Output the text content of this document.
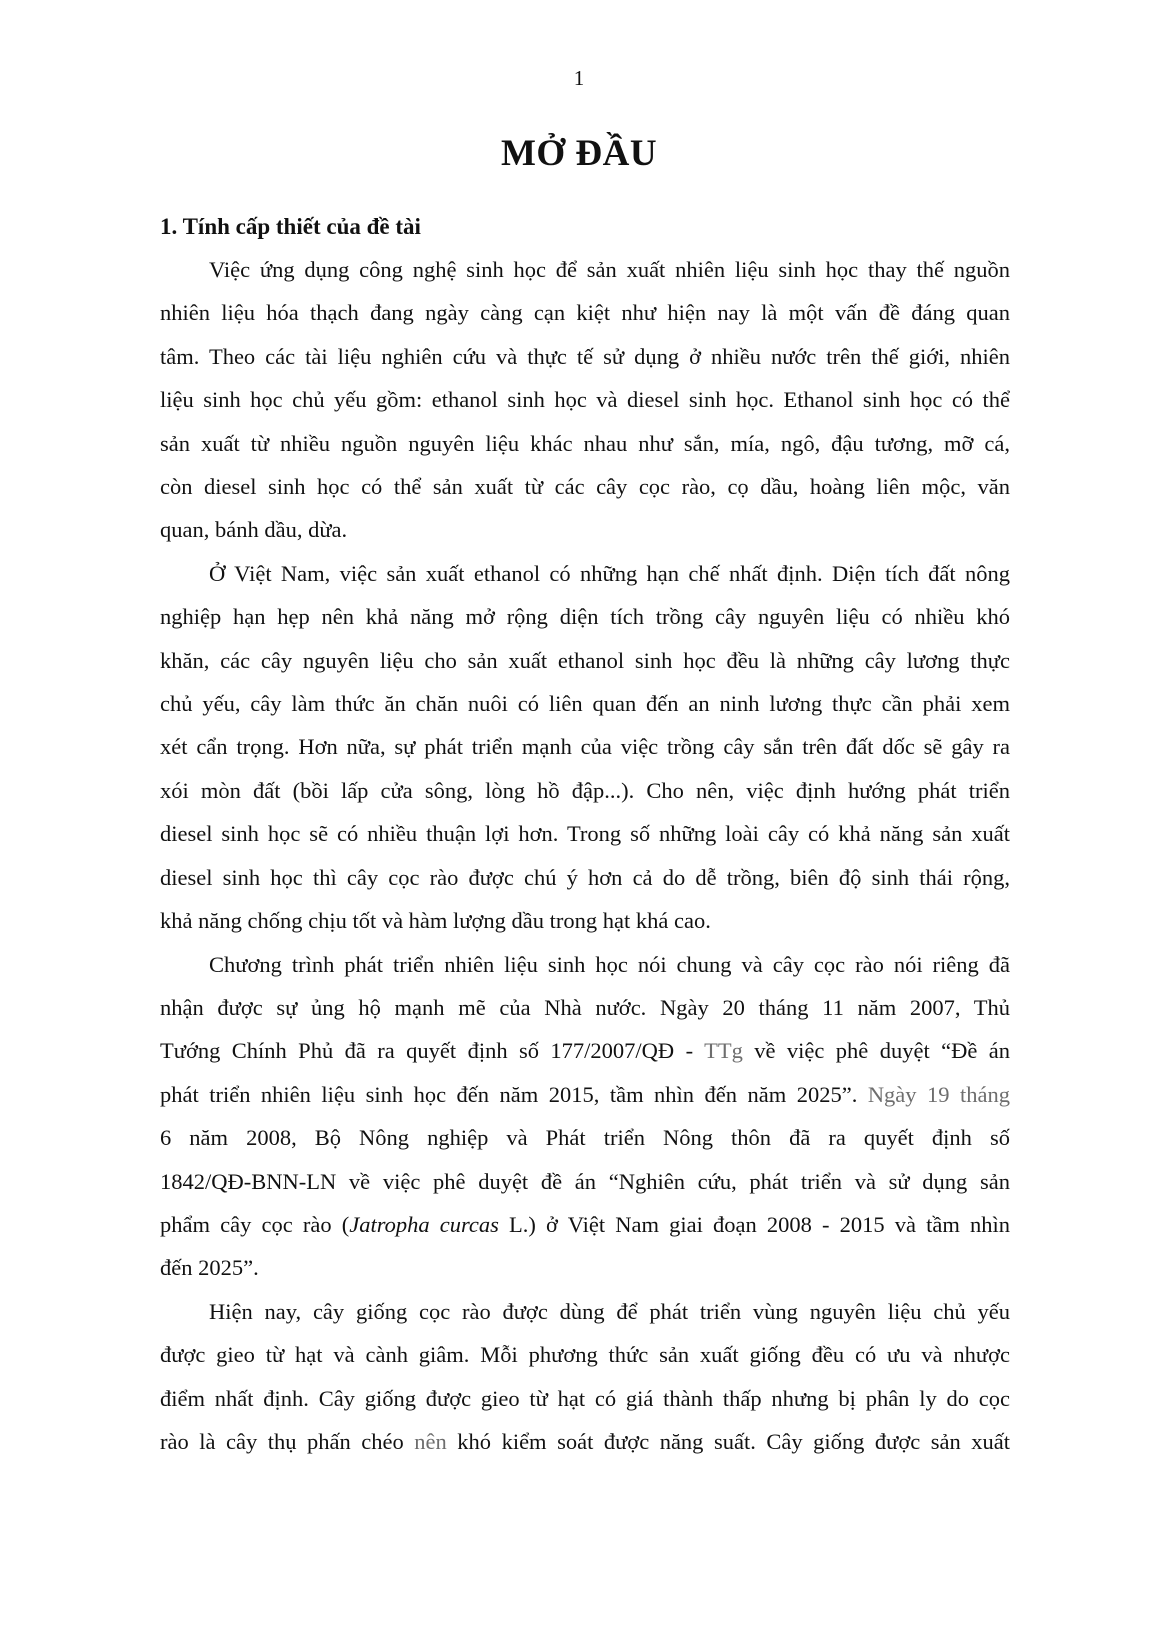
1
MỞ ĐẦU
1. Tính cấp thiết của đề tài
Việc ứng dụng công nghệ sinh học để sản xuất nhiên liệu sinh học thay thế nguồn
nhiên liệu hóa thạch đang ngày càng cạn kiệt như hiện nay là một vấn đề đáng quan
tâm. Theo các tài liệu nghiên cứu và thực tế sử dụng ở nhiều nước trên thế giới, nhiên
liệu sinh học chủ yếu gồm: ethanol sinh học và diesel sinh học. Ethanol sinh học có thể
sản xuất từ nhiều nguồn nguyên liệu khác nhau như sắn, mía, ngô, đậu tương, mỡ cá,
còn diesel sinh học có thể sản xuất từ các cây cọc rào, cọ dầu, hoàng liên mộc, văn
quan, bánh dầu, dừa.
Ở Việt Nam, việc sản xuất ethanol có những hạn chế nhất định. Diện tích đất nông
nghiệp hạn hẹp nên khả năng mở rộng diện tích trồng cây nguyên liệu có nhiều khó
khăn, các cây nguyên liệu cho sản xuất ethanol sinh học đều là những cây lương thực
chủ yếu, cây làm thức ăn chăn nuôi có liên quan đến an ninh lương thực cần phải xem
xét cẩn trọng. Hơn nữa, sự phát triển mạnh của việc trồng cây sắn trên đất dốc sẽ gây ra
xói mòn đất (bồi lấp cửa sông, lòng hồ đập...). Cho nên, việc định hướng phát triển
diesel sinh học sẽ có nhiều thuận lợi hơn. Trong số những loài cây có khả năng sản xuất
diesel sinh học thì cây cọc rào được chú ý hơn cả do dễ trồng, biên độ sinh thái rộng,
khả năng chống chịu tốt và hàm lượng dầu trong hạt khá cao.
Chương trình phát triển nhiên liệu sinh học nói chung và cây cọc rào nói riêng đã
nhận được sự ủng hộ mạnh mẽ của Nhà nước. Ngày 20 tháng 11 năm 2007, Thủ
Tướng Chính Phủ đã ra quyết định số 177/2007/QĐ - TTg về việc phê duyệt “Đề án
phát triển nhiên liệu sinh học đến năm 2015, tầm nhìn đến năm 2025”. Ngày 19 tháng
6 năm 2008, Bộ Nông nghiệp và Phát triển Nông thôn đã ra quyết định số
1842/QĐ-BNN-LN về việc phê duyệt đề án “Nghiên cứu, phát triển và sử dụng sản
phẩm cây cọc rào (Jatropha curcas L.) ở Việt Nam giai đoạn 2008 - 2015 và tầm nhìn
đến 2025”.
Hiện nay, cây giống cọc rào được dùng để phát triển vùng nguyên liệu chủ yếu
được gieo từ hạt và cành giâm. Mỗi phương thức sản xuất giống đều có ưu và nhược
điểm nhất định. Cây giống được gieo từ hạt có giá thành thấp nhưng bị phân ly do cọc
rào là cây thụ phấn chéo nên khó kiểm soát được năng suất. Cây giống được sản xuất
